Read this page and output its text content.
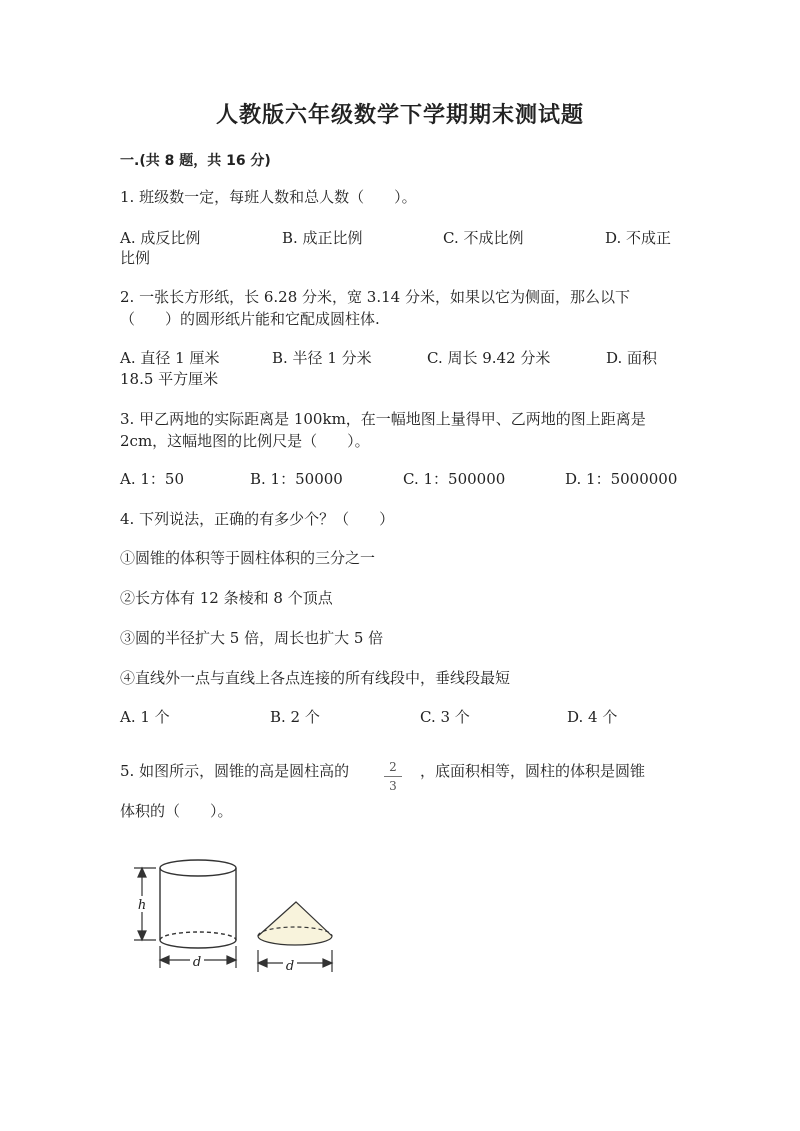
人教版六年级数学下学期期末测试题
一.(共 8 题，共 16 分)
1. 班级数一定，每班人数和总人数（　　）。
A. 成反比例	B. 成正比例	C. 不成比例	D. 不成正
比例
2. 一张长方形纸，长 6.28 分米，宽 3.14 分米，如果以它为侧面，那么以下
（　　）的圆形纸片能和它配成圆柱体.
A. 直径 1 厘米	B. 半径 1 分米	C. 周长 9.42 分米	D. 面积
18.5 平方厘米
3. 甲乙两地的实际距离是 100km，在一幅地图上量得甲、乙两地的图上距离是
2cm，这幅地图的比例尺是（　　）。
A. 1：50	B. 1：50000	C. 1：500000	D. 1：5000000
4. 下列说法，正确的有多少个？（　　）
①圆锥的体积等于圆柱体积的三分之一
②长方体有 12 条棱和 8 个顶点
③圆的半径扩大 5 倍，周长也扩大 5 倍
④直线外一点与直线上各点连接的所有线段中，垂线段最短
A. 1 个	B. 2 个	C. 3 个	D. 4 个
5. 如图所示，圆锥的高是圆柱高的	2
3
，底面积相等，圆柱的体积是圆锥
体积的（　　）。
h
d	d
